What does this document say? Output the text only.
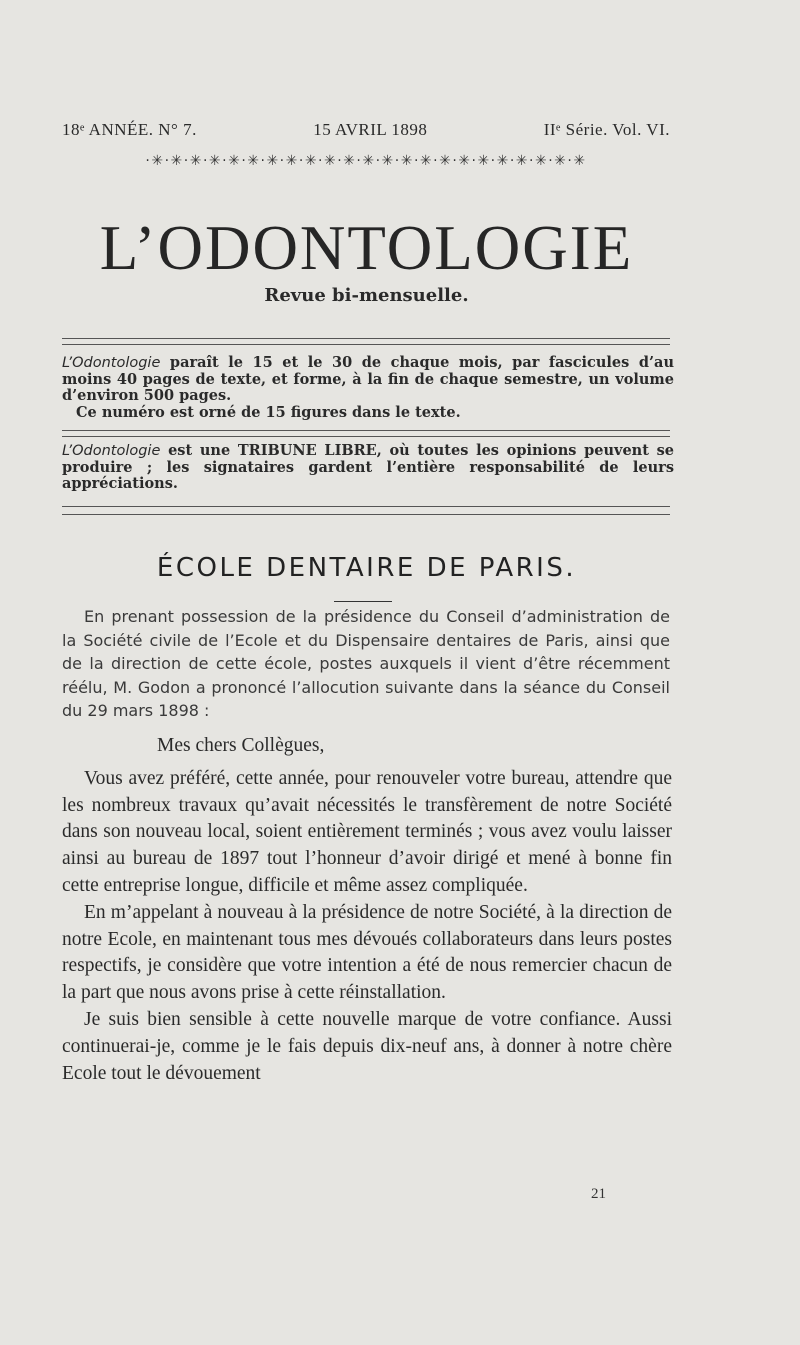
18ᵉ ANNÉE. N° 7.	15 AVRIL 1898	IIᵉ Série. Vol. VI.
·✳·✳·✳·✳·✳·✳·✳·✳·✳·✳·✳·✳·✳·✳·✳·✳·✳·✳·✳·✳·✳·✳·✳
L’ODONTOLOGIE
Revue bi-mensuelle.
L’Odontologie paraît le 15 et le 30 de chaque mois, par fascicules d’au moins 40 pages de texte, et forme, à la fin de chaque semestre, un volume d’environ 500 pages.
Ce numéro est orné de 15 figures dans le texte.
L’Odontologie est une TRIBUNE LIBRE, où toutes les opinions peuvent se produire ; les signataires gardent l’entière responsabilité de leurs appréciations.
ÉCOLE DENTAIRE DE PARIS.

En prenant possession de la présidence du Conseil d’administration de la Société civile de l’Ecole et du Dispensaire dentaires de Paris, ainsi que de la direction de cette école, postes auxquels il vient d’être récemment réélu, M. Godon a prononcé l’allocution suivante dans la séance du Conseil du 29 mars 1898 :

Mes chers Collègues,

Vous avez préféré, cette année, pour renouveler votre bureau, attendre que les nombreux travaux qu’avait nécessités le transfèrement de notre Société dans son nouveau local, soient entièrement terminés ; vous avez voulu laisser ainsi au bureau de 1897 tout l’honneur d’avoir dirigé et mené à bonne fin cette entreprise longue, difficile et même assez compliquée.

En m’appelant à nouveau à la présidence de notre Société, à la direction de notre Ecole, en maintenant tous mes dévoués collaborateurs dans leurs postes respectifs, je considère que votre intention a été de nous remercier chacun de la part que nous avons prise à cette réinstallation.

Je suis bien sensible à cette nouvelle marque de votre confiance. Aussi continuerai-je, comme je le fais depuis dix-neuf ans, à donner à notre chère Ecole tout le dévouement

21
